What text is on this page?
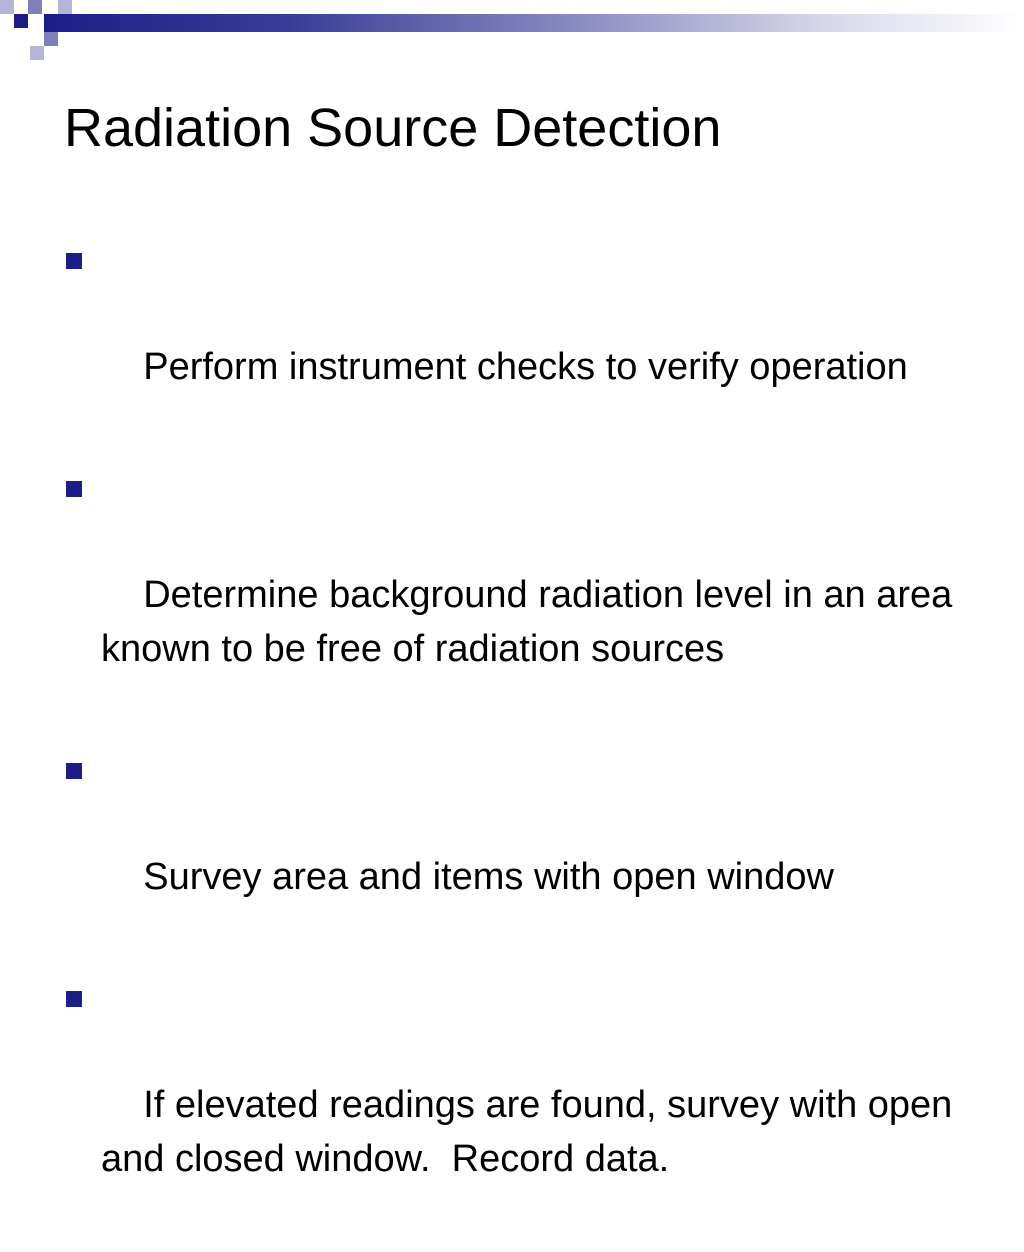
Radiation Source Detection

Perform instrument checks to verify operation

Determine background radiation level in an area known to be free of radiation sources

Survey area and items with open window

If elevated readings are found, survey with open and closed window.  Record data.
